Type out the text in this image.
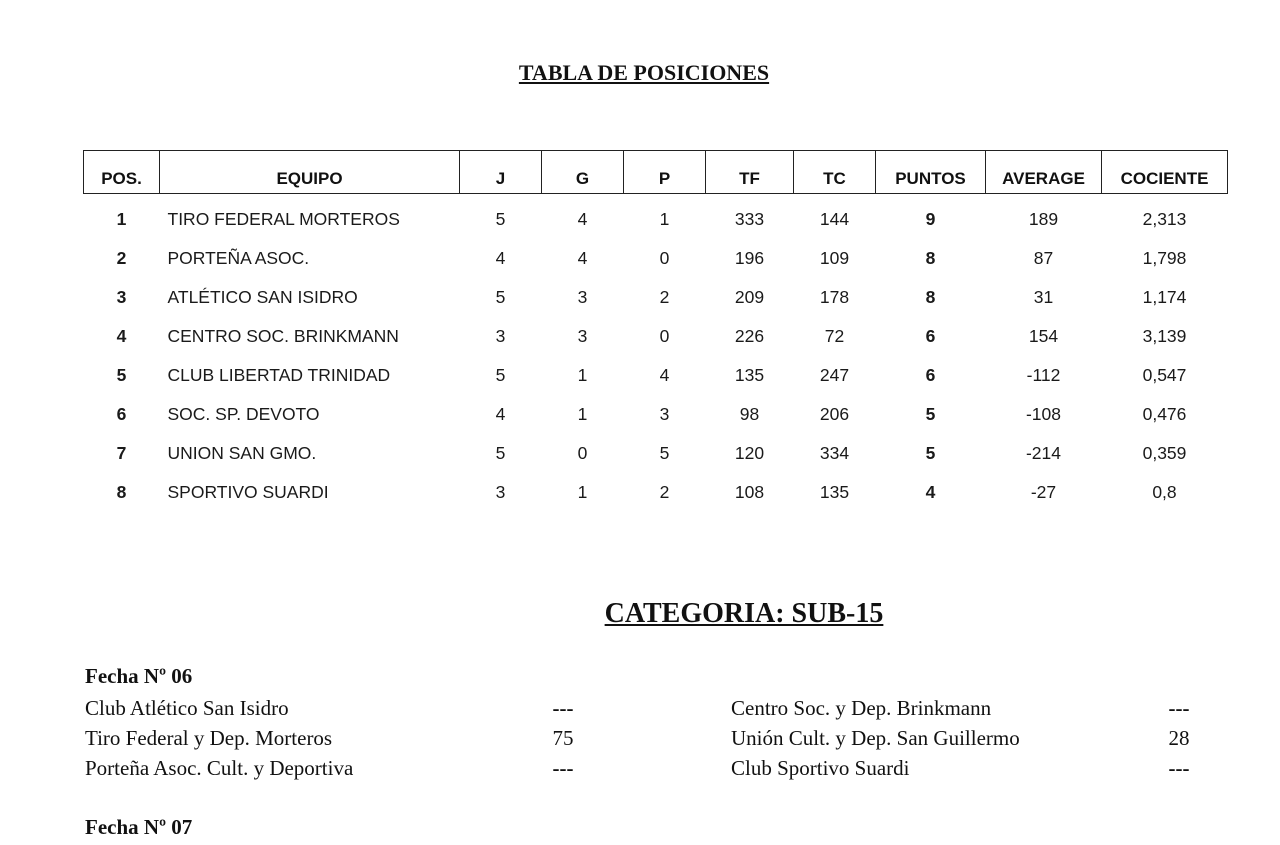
TABLA DE POSICIONES
POS.	EQUIPO	J	G	P	TF	TC	PUNTOS	AVERAGE	COCIENTE
1	TIRO FEDERAL MORTEROS	5	4	1	333	144	9	189	2,313
2	PORTEÑA ASOC.	4	4	0	196	109	8	87	1,798
3	ATLÉTICO SAN ISIDRO	5	3	2	209	178	8	31	1,174
4	CENTRO SOC. BRINKMANN	3	3	0	226	72	6	154	3,139
5	CLUB LIBERTAD TRINIDAD	5	1	4	135	247	6	-112	0,547
6	SOC. SP. DEVOTO	4	1	3	98	206	5	-108	0,476
7	UNION SAN GMO.	5	0	5	120	334	5	-214	0,359
8	SPORTIVO SUARDI	3	1	2	108	135	4	-27	0,8
CATEGORIA: SUB-15
Fecha Nº 06
Club Atlético San Isidro	---	Centro Soc. y Dep. Brinkmann	---
Tiro Federal y Dep. Morteros	75	Unión Cult. y Dep. San Guillermo	28
Porteña Asoc. Cult. y Deportiva	---	Club Sportivo Suardi	---
Fecha Nº 07
